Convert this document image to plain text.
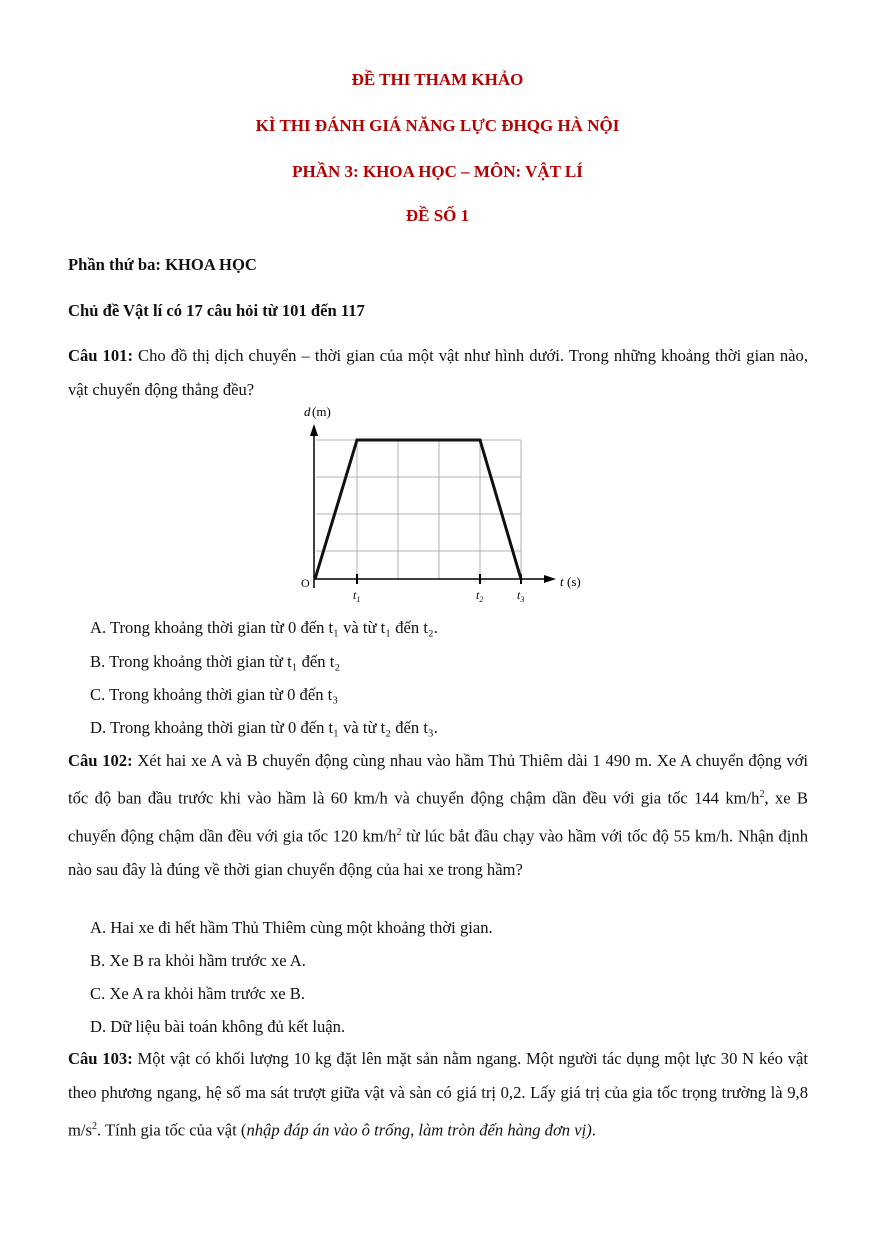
ĐỀ THI THAM KHẢO
KÌ THI ĐÁNH GIÁ NĂNG LỰC ĐHQG HÀ NỘI
PHẦN 3: KHOA HỌC – MÔN: VẬT LÍ
ĐỀ SỐ 1
Phần thứ ba: KHOA HỌC
Chủ đề Vật lí có 17 câu hỏi từ 101 đến 117
Câu 101: Cho đồ thị dịch chuyển – thời gian của một vật như hình dưới. Trong những khoảng thời gian nào, vật chuyển động thẳng đều?
d (m)
t (s)
O
$t_1$	$t_2$	$t_3$
A. Trong khoảng thời gian từ 0 đến t₁ và từ t₁ đến t₂.
B. Trong khoảng thời gian từ t₁ đến t₂
C. Trong khoảng thời gian từ 0 đến t₃
D. Trong khoảng thời gian từ 0 đến t₁ và từ t₂ đến t₃.
Câu 102: Xét hai xe A và B chuyển động cùng nhau vào hầm Thủ Thiêm dài 1 490 m. Xe A chuyển động với tốc độ ban đầu trước khi vào hầm là 60 km/h và chuyển động chậm dần đều với gia tốc 144 $km/h^2$, xe B chuyển động chậm dần đều với gia tốc 120 $km/h^2$ từ lúc bắt đầu chạy vào hầm với tốc độ 55 km/h. Nhận định nào sau đây là đúng về thời gian chuyển động của hai xe trong hầm?
A. Hai xe đi hết hầm Thủ Thiêm cùng một khoảng thời gian.
B. Xe B ra khỏi hầm trước xe A.
C. Xe A ra khỏi hầm trước xe B.
D. Dữ liệu bài toán không đủ kết luận.
Câu 103: Một vật có khối lượng 10 kg đặt lên mặt sản nằm ngang. Một người tác dụng một lực 30 N kéo vật theo phương ngang, hệ số ma sát trượt giữa vật và sàn có giá trị 0,2. Lấy giá trị của gia tốc trọng trường là 9,8 $m/s^2$. Tính gia tốc của vật (nhập đáp án vào ô trống, làm tròn đến hàng đơn vị).
